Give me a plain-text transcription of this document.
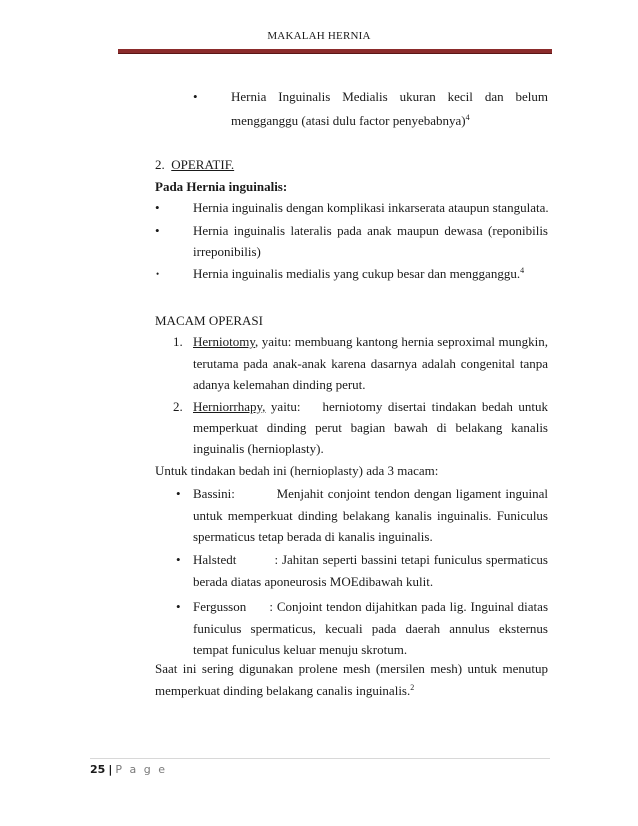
MAKALAH HERNIA
•	Hernia Inguinalis Medialis ukuran kecil dan belum
mengganggu (atasi dulu factor penyebabnya)$^4$
2. OPERATIF.
Pada Hernia inguinalis:
•	Hernia inguinalis dengan komplikasi inkarserata ataupun stangulata.
•	Hernia inguinalis lateralis pada anak maupun dewasa (reponibilis
irreponibilis)
•	Hernia inguinalis medialis yang cukup besar dan mengganggu.$^4$
MACAM OPERASI
1. Herniotomy, yaitu: membuang kantong hernia seproximal mungkin,
terutama pada anak-anak karena dasarnya adalah congenital tanpa
adanya kelemahan dinding perut.
2. Herniorrhapy, yaitu:    herniotomy disertai tindakan bedah untuk
memperkuat dinding perut bagian bawah di belakang kanalis
inguinalis (hernioplasty).
Untuk tindakan bedah ini (hernioplasty) ada 3 macam:
• Bassini:          Menjahit conjoint tendon dengan ligament inguinal
untuk memperkuat dinding belakang kanalis inguinalis. Funiculus
spermaticus tetap berada di kanalis inguinalis.
• Halstedt          : Jahitan seperti bassini tetapi funiculus spermaticus
berada diatas aponeurosis MOEdibawah kulit.
• Fergusson      : Conjoint tendon dijahitkan pada lig. Inguinal diatas
funiculus spermaticus, kecuali pada daerah annulus eksternus
tempat funiculus keluar menuju skrotum.
Saat ini sering digunakan prolene mesh (mersilen mesh) untuk menutup
memperkuat dinding belakang canalis inguinalis.$^2$
25 | P a g e
